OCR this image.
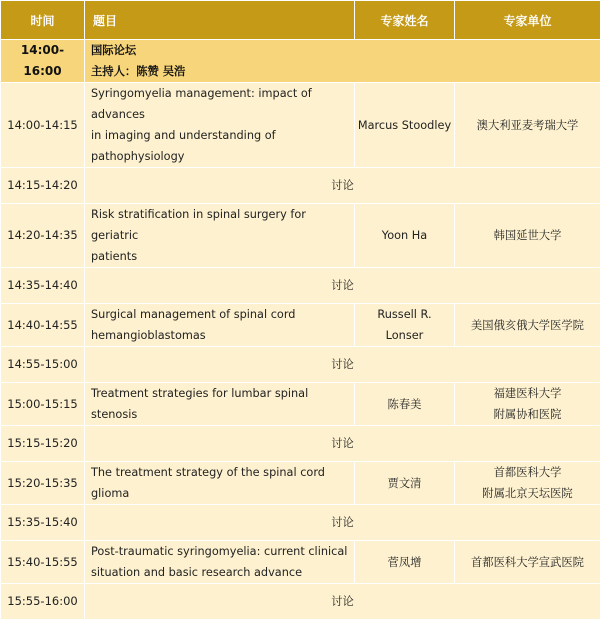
时间	题目	专家姓名	专家单位
14:00-16:00	国际论坛
主持人：陈赞 吴浩		

14:00-14:15	Syringomyelia management: impact of advances
in imaging and understanding of
pathophysiology	Marcus Stoodley	澳大利亚麦考瑞大学

14:15-14:20	讨论		
14:20-14:35	Risk stratification in spinal surgery for geriatric
patients	Yoon Ha	韩国延世大学

14:35-14:40	讨论		
14:40-14:55	Surgical management of spinal cord
hemangioblastomas	Russell R. Lonser	美国俄亥俄大学医学院

14:55-15:00	讨论		
15:00-15:15	Treatment strategies for lumbar spinal stenosis	陈春美	福建医科大学
附属协和医院

15:15-15:20	讨论		
15:20-15:35	The treatment strategy of the spinal cord glioma	贾文清	首都医科大学
附属北京天坛医院

15:35-15:40	讨论		
15:40-15:55	Post-traumatic syringomyelia: current clinical
situation and basic research advance	菅凤增	首都医科大学宣武医院

15:55-16:00	讨论		
